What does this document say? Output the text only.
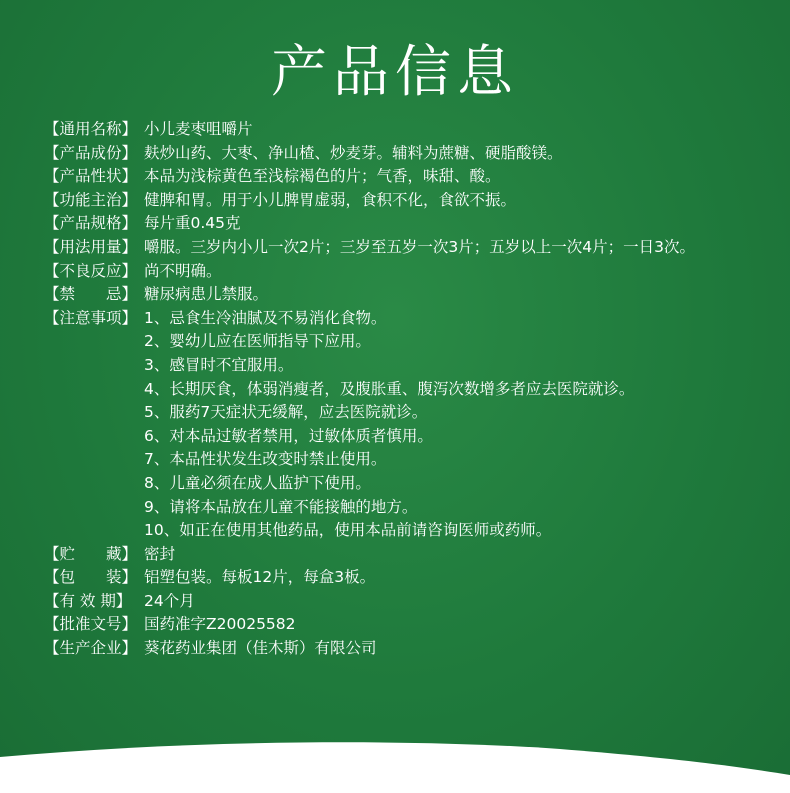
产品信息
【通用名称】 小儿麦枣咀嚼片
【产品成份】 麸炒山药、大枣、净山楂、炒麦芽。辅料为蔗糖、硬脂酸镁。
【产品性状】 本品为浅棕黄色至浅棕褐色的片；气香，味甜、酸。
【功能主治】 健脾和胃。用于小儿脾胃虚弱，食积不化，食欲不振。
【产品规格】 每片重0.45克
【用法用量】 嚼服。三岁内小儿一次2片；三岁至五岁一次3片；五岁以上一次4片；一日3次。
【不良反应】 尚不明确。
【禁　　忌】 糖尿病患儿禁服。
【注意事项】 1、忌食生冷油腻及不易消化食物。
2、婴幼儿应在医师指导下应用。
3、感冒时不宜服用。
4、长期厌食，体弱消瘦者，及腹胀重、腹泻次数增多者应去医院就诊。
5、服药7天症状无缓解，应去医院就诊。
6、对本品过敏者禁用，过敏体质者慎用。
7、本品性状发生改变时禁止使用。
8、儿童必须在成人监护下使用。
9、请将本品放在儿童不能接触的地方。
10、如正在使用其他药品，使用本品前请咨询医师或药师。
【贮　　藏】 密封
【包　　装】 铝塑包装。每板12片，每盒3板。
【有 效 期】 24个月
【批准文号】 国药准字Z20025582
【生产企业】 葵花药业集团（佳木斯）有限公司
